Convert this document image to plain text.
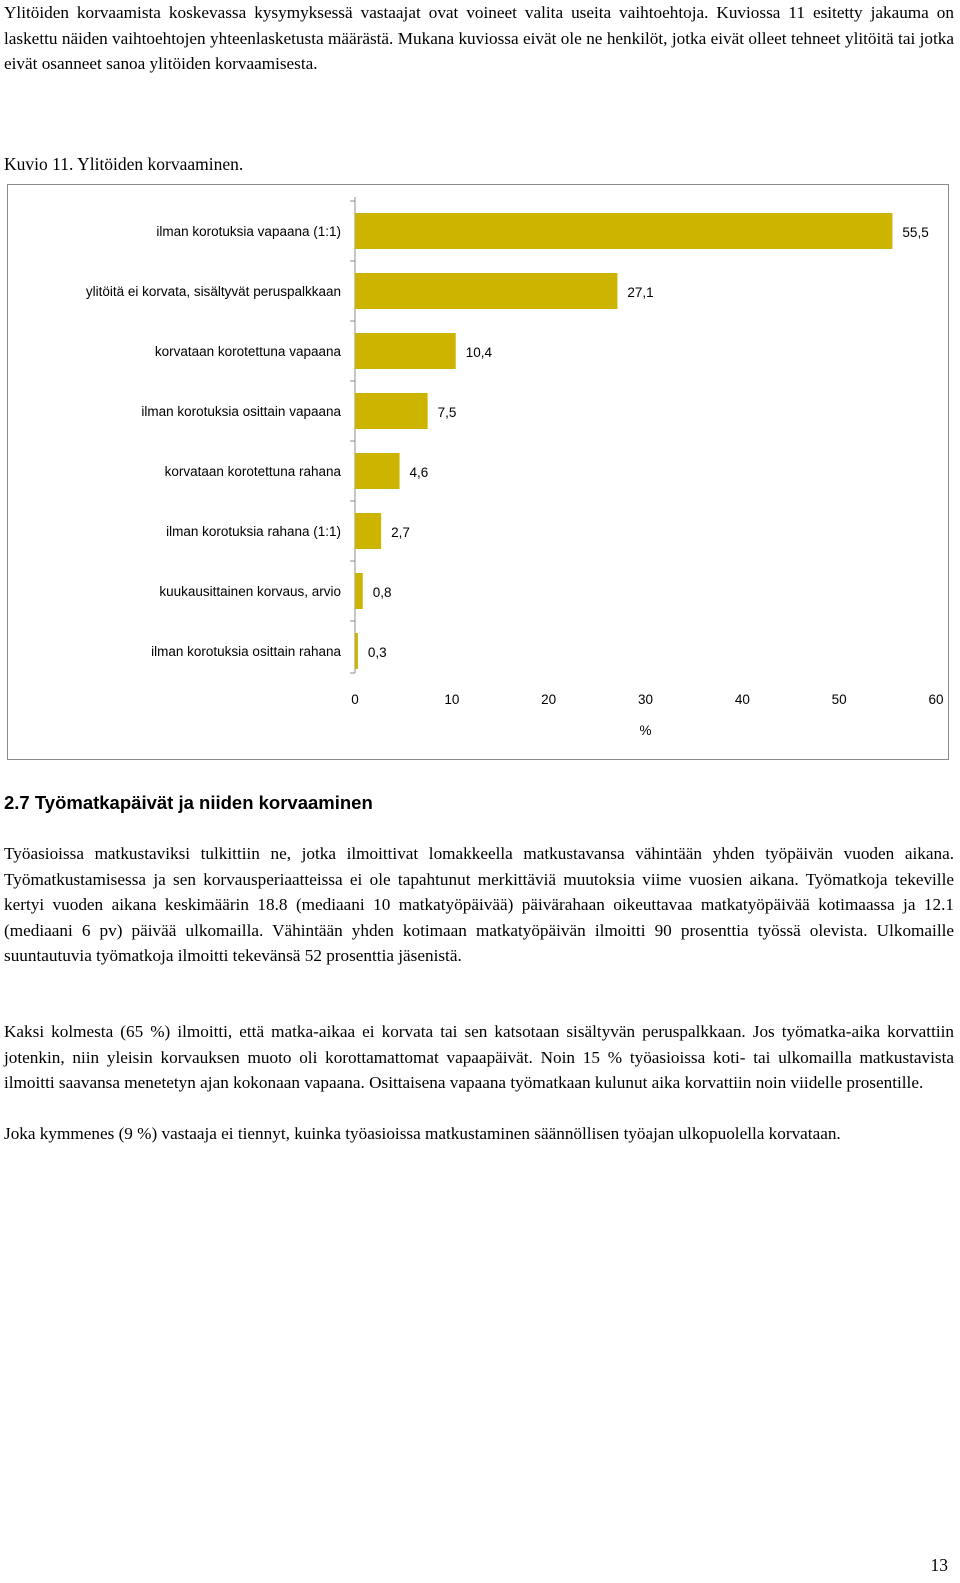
Ylitöiden korvaamista koskevassa kysymyksessä vastaajat ovat voineet valita useita vaihtoehtoja. Kuviossa 11 esitetty jakauma on laskettu näiden vaihtoehtojen yhteenlasketusta määrästä. Mukana kuviossa eivät ole ne henkilöt, jotka eivät olleet tehneet ylitöitä tai jotka eivät osanneet sanoa ylitöiden korvaamisesta.

Kuvio 11. Ylitöiden korvaaminen.

ilman korotuksia vapaana (1:1)	55,5
ylitöitä ei korvata, sisältyvät peruspalkkaan	27,1
korvataan korotettuna vapaana	10,4
ilman korotuksia osittain vapaana	7,5
korvataan korotettuna rahana	4,6
ilman korotuksia rahana (1:1)	2,7
kuukausittainen korvaus, arvio 0,8
ilman korotuksia osittain rahana 0,3
0	10	20	30	40	50	60
%
2.7 Työmatkapäivät ja niiden korvaaminen

Työasioissa matkustaviksi tulkittiin ne, jotka ilmoittivat lomakkeella matkustavansa vähintään yhden työpäivän vuoden aikana. Työmatkustamisessa ja sen korvausperiaatteissa ei ole tapahtunut merkittäviä muutoksia viime vuosien aikana. Työmatkoja tekeville kertyi vuoden aikana keskimäärin 18.8 (mediaani 10 matkatyöpäivää) päivärahaan oikeuttavaa matkatyöpäivää kotimaassa ja 12.1 (mediaani 6 pv) päivää ulkomailla. Vähintään yhden kotimaan matkatyöpäivän ilmoitti 90 prosenttia työssä olevista. Ulkomaille suuntautuvia työmatkoja ilmoitti tekevänsä 52 prosenttia jäsenistä.

Kaksi kolmesta (65 %) ilmoitti, että matka-aikaa ei korvata tai sen katsotaan sisältyvän peruspalkkaan. Jos työmatka-aika korvattiin jotenkin, niin yleisin korvauksen muoto oli korottamattomat vapaapäivät. Noin 15 % työasioissa koti- tai ulkomailla matkustavista ilmoitti saavansa menetetyn ajan kokonaan vapaana. Osittaisena vapaana työmatkaan kulunut aika korvattiin noin viidelle prosentille.

Joka kymmenes (9 %) vastaaja ei tiennyt, kuinka työasioissa matkustaminen säännöllisen työajan ulkopuolella korvataan.

13
